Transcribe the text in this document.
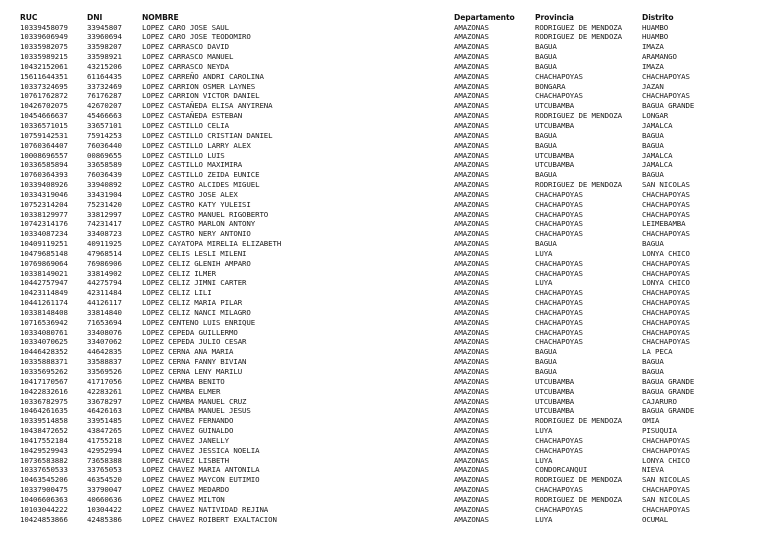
RUC	DNI	NOMBRE	Departamento	Provincia	Distrito
10339458079	33945807	LOPEZ CARO JOSE SAUL	AMAZONAS	RODRIGUEZ DE MENDOZA	HUAMBO
10339606949	33960694	LOPEZ CARO JOSE TEODOMIRO	AMAZONAS	RODRIGUEZ DE MENDOZA	HUAMBO
10335982075	33598207	LOPEZ CARRASCO DAVID	AMAZONAS	BAGUA	IMAZA
10335989215	33598921	LOPEZ CARRASCO MANUEL	AMAZONAS	BAGUA	ARAMANGO
10432152061	43215206	LOPEZ CARRASCO NEYDA	AMAZONAS	BAGUA	IMAZA
15611644351	61164435	LOPEZ CARREÑO ANDRI CAROLINA	AMAZONAS	CHACHAPOYAS	CHACHAPOYAS
10337324695	33732469	LOPEZ CARRION OSMER LAYNES	AMAZONAS	BONGARA	JAZAN
10761762872	76176287	LOPEZ CARRION VICTOR DANIEL	AMAZONAS	CHACHAPOYAS	CHACHAPOYAS
10426702075	42670207	LOPEZ CASTAÑEDA ELISA ANYIRENA	AMAZONAS	UTCUBAMBA	BAGUA GRANDE
10454666637	45466663	LOPEZ CASTAÑEDA ESTEBAN	AMAZONAS	RODRIGUEZ DE MENDOZA	LONGAR
10336571015	33657101	LOPEZ CASTILLO CELIA	AMAZONAS	UTCUBAMBA	JAMALCA
10759142531	75914253	LOPEZ CASTILLO CRISTIAN DANIEL	AMAZONAS	BAGUA	BAGUA
10760364407	76036440	LOPEZ CASTILLO LARRY ALEX	AMAZONAS	BAGUA	BAGUA
10008696557	00869655	LOPEZ CASTILLO LUIS	AMAZONAS	UTCUBAMBA	JAMALCA
10336585894	33658589	LOPEZ CASTILLO MAXIMIRA	AMAZONAS	UTCUBAMBA	JAMALCA
10760364393	76036439	LOPEZ CASTILLO ZEIDA EUNICE	AMAZONAS	BAGUA	BAGUA
10339408926	33940892	LOPEZ CASTRO ALCIDES MIGUEL	AMAZONAS	RODRIGUEZ DE MENDOZA	SAN NICOLAS
10334319046	33431904	LOPEZ CASTRO JOSE ALEX	AMAZONAS	CHACHAPOYAS	CHACHAPOYAS
10752314204	75231420	LOPEZ CASTRO KATY YULEISI	AMAZONAS	CHACHAPOYAS	CHACHAPOYAS
10338129977	33812997	LOPEZ CASTRO MANUEL RIGOBERTO	AMAZONAS	CHACHAPOYAS	CHACHAPOYAS
10742314176	74231417	LOPEZ CASTRO MARLON ANTONY	AMAZONAS	CHACHAPOYAS	LEIMEBAMBA
10334087234	33408723	LOPEZ CASTRO NERY ANTONIO	AMAZONAS	CHACHAPOYAS	CHACHAPOYAS
10409119251	40911925	LOPEZ CAYATOPA MIRELIA ELIZABETH	AMAZONAS	BAGUA	BAGUA
10479685148	47968514	LOPEZ CELIS LESLI MILENI	AMAZONAS	LUYA	LONYA CHICO
10769869064	76986906	LOPEZ CELIZ GLENIH AMPARO	AMAZONAS	CHACHAPOYAS	CHACHAPOYAS
10338149021	33814902	LOPEZ CELIZ ILMER	AMAZONAS	CHACHAPOYAS	CHACHAPOYAS
10442757947	44275794	LOPEZ CELIZ JIMNI CARTER	AMAZONAS	LUYA	LONYA CHICO
10423114849	42311484	LOPEZ CELIZ LILI	AMAZONAS	CHACHAPOYAS	CHACHAPOYAS
10441261174	44126117	LOPEZ CELIZ MARIA PILAR	AMAZONAS	CHACHAPOYAS	CHACHAPOYAS
10338148408	33814840	LOPEZ CELIZ NANCI MILAGRO	AMAZONAS	CHACHAPOYAS	CHACHAPOYAS
10716536942	71653694	LOPEZ CENTENO LUIS ENRIQUE	AMAZONAS	CHACHAPOYAS	CHACHAPOYAS
10334080761	33408076	LOPEZ CEPEDA GUILLERMO	AMAZONAS	CHACHAPOYAS	CHACHAPOYAS
10334070625	33407062	LOPEZ CEPEDA JULIO CESAR	AMAZONAS	CHACHAPOYAS	CHACHAPOYAS
10446428352	44642835	LOPEZ CERNA ANA MARIA	AMAZONAS	BAGUA	LA PECA
10335888371	33588837	LOPEZ CERNA FANNY BIVIAN	AMAZONAS	BAGUA	BAGUA
10335695262	33569526	LOPEZ CERNA LENY MARILU	AMAZONAS	BAGUA	BAGUA
10417170567	41717056	LOPEZ CHAMBA BENITO	AMAZONAS	UTCUBAMBA	BAGUA GRANDE
10422832616	42283261	LOPEZ CHAMBA ELMER	AMAZONAS	UTCUBAMBA	BAGUA GRANDE
10336782975	33678297	LOPEZ CHAMBA MANUEL CRUZ	AMAZONAS	UTCUBAMBA	CAJARURO
10464261635	46426163	LOPEZ CHAMBA MANUEL JESUS	AMAZONAS	UTCUBAMBA	BAGUA GRANDE
10339514858	33951485	LOPEZ CHAVEZ FERNANDO	AMAZONAS	RODRIGUEZ DE MENDOZA	OMIA
10438472652	43847265	LOPEZ CHAVEZ GUINALDO	AMAZONAS	LUYA	PISUQUIA
10417552184	41755218	LOPEZ CHAVEZ JANELLY	AMAZONAS	CHACHAPOYAS	CHACHAPOYAS
10429529943	42952994	LOPEZ CHAVEZ JESSICA NOELIA	AMAZONAS	CHACHAPOYAS	CHACHAPOYAS
10736583882	73658388	LOPEZ CHAVEZ LISBETH	AMAZONAS	LUYA	LONYA CHICO
10337650533	33765053	LOPEZ CHAVEZ MARIA ANTONILA	AMAZONAS	CONDORCANQUI	NIEVA
10463545206	46354520	LOPEZ CHAVEZ MAYCON EUTIMIO	AMAZONAS	RODRIGUEZ DE MENDOZA	SAN NICOLAS
10337900475	33790047	LOPEZ CHAVEZ MEDARDO	AMAZONAS	CHACHAPOYAS	CHACHAPOYAS
10406606363	40660636	LOPEZ CHAVEZ MILTON	AMAZONAS	RODRIGUEZ DE MENDOZA	SAN NICOLAS
10103044222	10304422	LOPEZ CHAVEZ NATIVIDAD REJINA	AMAZONAS	CHACHAPOYAS	CHACHAPOYAS
10424853866	42485386	LOPEZ CHAVEZ ROIBERT EXALTACION	AMAZONAS	LUYA	OCUMAL
